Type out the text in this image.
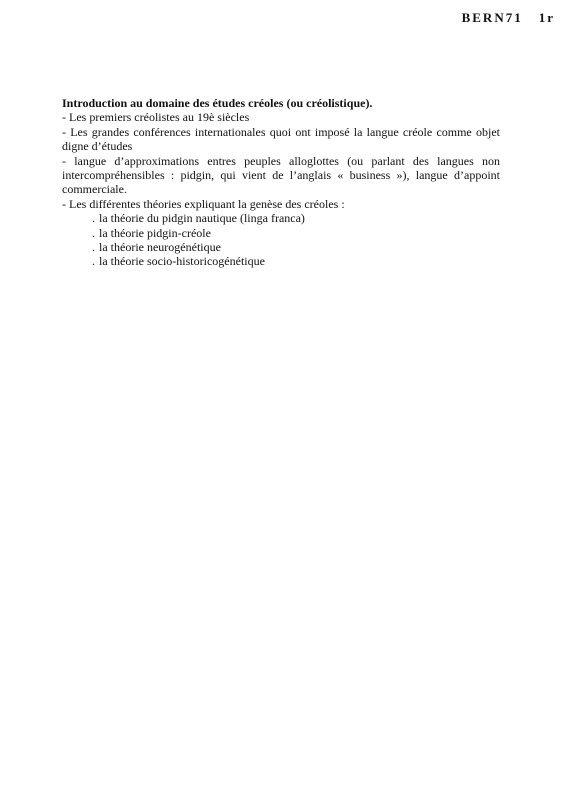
BERN71 1r

Introduction au domaine des études créoles (ou créolistique).

- Les premiers créolistes au 19è siècles

- Les grandes conférences internationales quoi ont imposé la langue créole comme objet digne d’études

- langue d’approximations entres peuples alloglottes (ou parlant des langues non intercompréhensibles : pidgin, qui vient de l’anglais « business »), langue d’appoint commerciale.

- Les différentes théories expliquant la genèse des créoles :

. la théorie du pidgin nautique (linga franca)

. la théorie pidgin-créole

. la théorie neurogénétique

. la théorie socio-historicogénétique
